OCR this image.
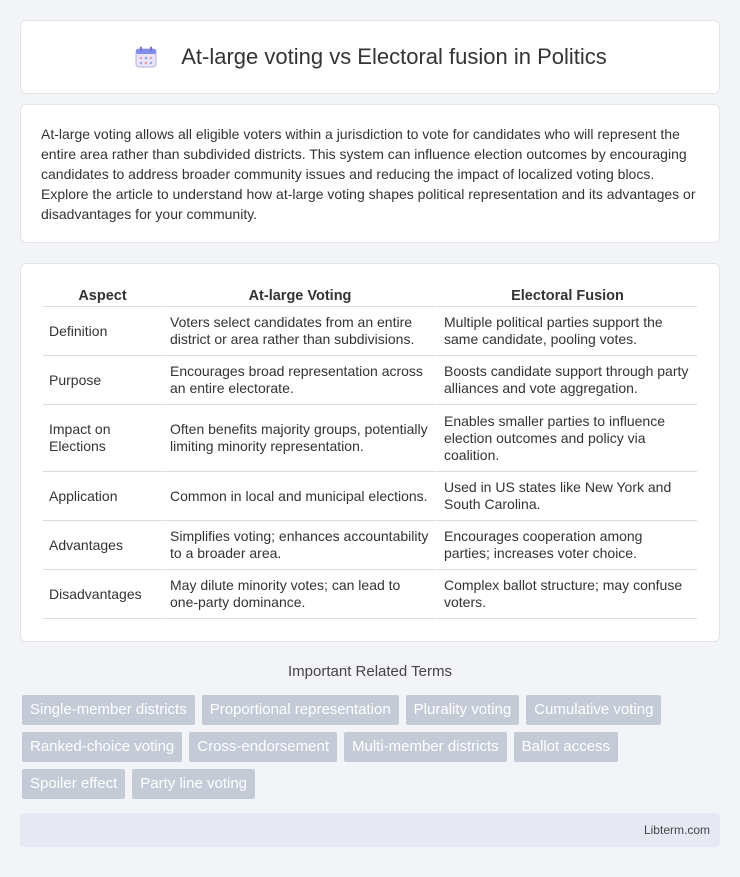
At-large voting vs Electoral fusion in Politics

At-large voting allows all eligible voters within a jurisdiction to vote for candidates who will represent the entire area rather than subdivided districts. This system can influence election outcomes by encouraging candidates to address broader community issues and reducing the impact of localized voting blocs. Explore the article to understand how at-large voting shapes political representation and its advantages or disadvantages for your community.

Aspect	At-large Voting	Electoral Fusion
Definition	Voters select candidates from an entire district or area rather than subdivisions.	Multiple political parties support the same candidate, pooling votes.
Purpose	Encourages broad representation across an entire electorate.	Boosts candidate support through party alliances and vote aggregation.
Impact on Elections	Often benefits majority groups, potentially limiting minority representation.	Enables smaller parties to influence election outcomes and policy via coalition.
Application	Common in local and municipal elections.	Used in US states like New York and South Carolina.
Advantages	Simplifies voting; enhances accountability to a broader area.	Encourages cooperation among parties; increases voter choice.
Disadvantages	May dilute minority votes; can lead to one-party dominance.	Complex ballot structure; may confuse voters.
Important Related Terms
Single-member districts	Proportional representation	Plurality voting	Cumulative voting
Ranked-choice voting	Cross-endorsement	Multi-member districts	Ballot access
Spoiler effect	Party line voting
Libterm.com
